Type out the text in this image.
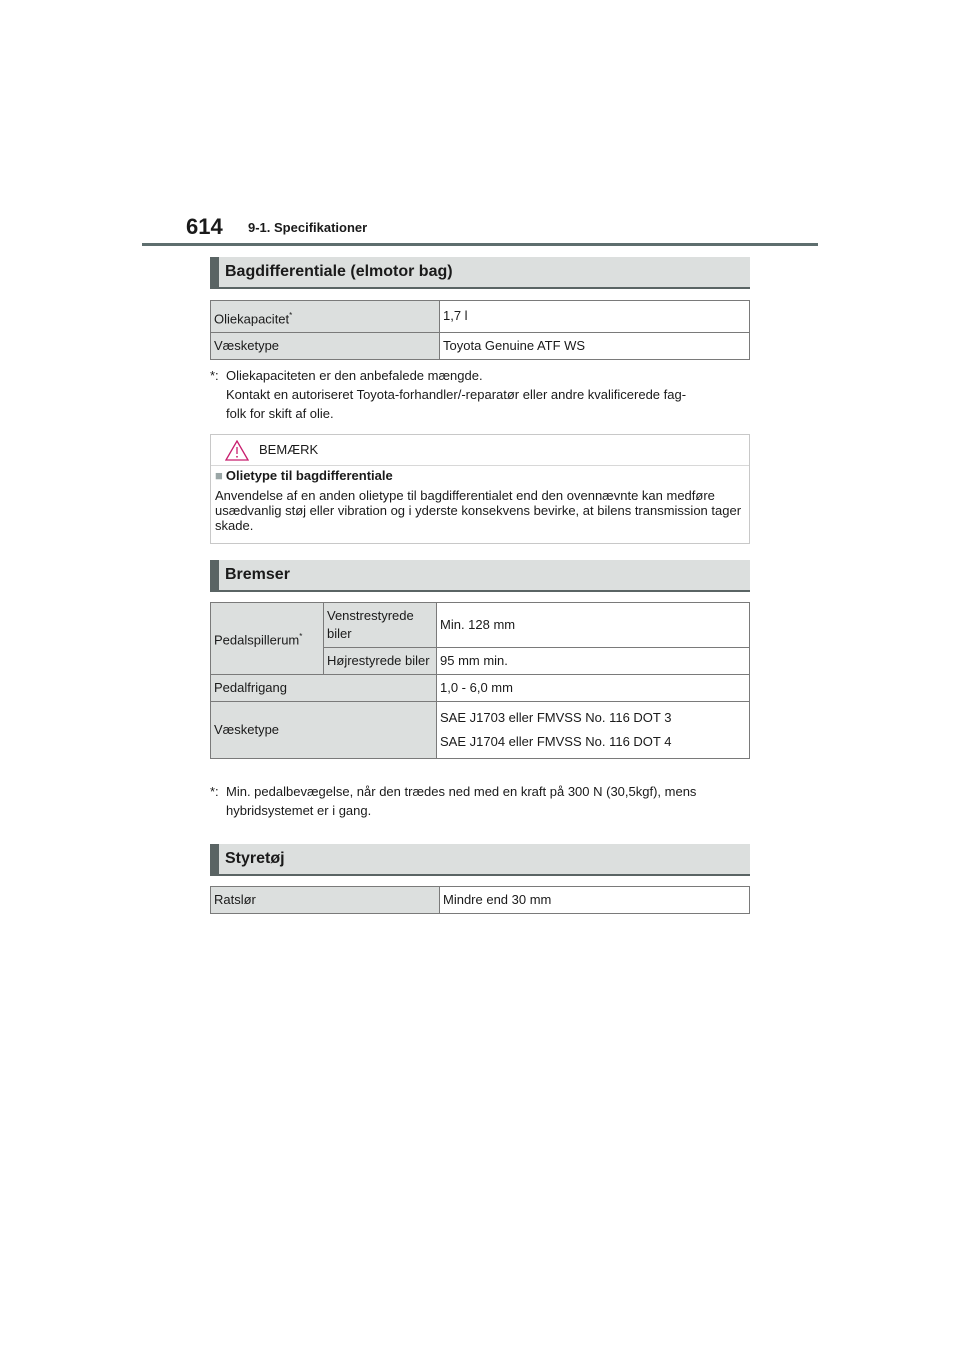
614 9-1. Specifikationer
Bagdifferentiale (elmotor bag)
Oliekapacitet*	1,7 l
Væsketype	Toyota Genuine ATF WS
*: Oliekapaciteten er den anbefalede mængde.
Kontakt en autoriseret Toyota-forhandler/-reparatør eller andre kvalificerede fag-
folk for skift af olie.
BEMÆRK
■ Olietype til bagdifferentiale
Anvendelse af en anden olietype til bagdifferentialet end den ovennævnte kan medføre usædvanlig støj eller vibration og i yderste konsekvens bevirke, at bilens transmission tager skade.
Bremser
Pedalspillerum*	Venstrestyrede biler	Min. 128 mm
	Højrestyrede biler	95 mm min.
Pedalfrigang		1,0 - 6,0 mm
Væsketype		SAE J1703 eller FMVSS No. 116 DOT 3
SAE J1704 eller FMVSS No. 116 DOT 4
*: Min. pedalbevægelse, når den trædes ned med en kraft på 300 N (30,5kgf), mens
hybridsystemet er i gang.
Styretøj
Ratslør	Mindre end 30 mm
